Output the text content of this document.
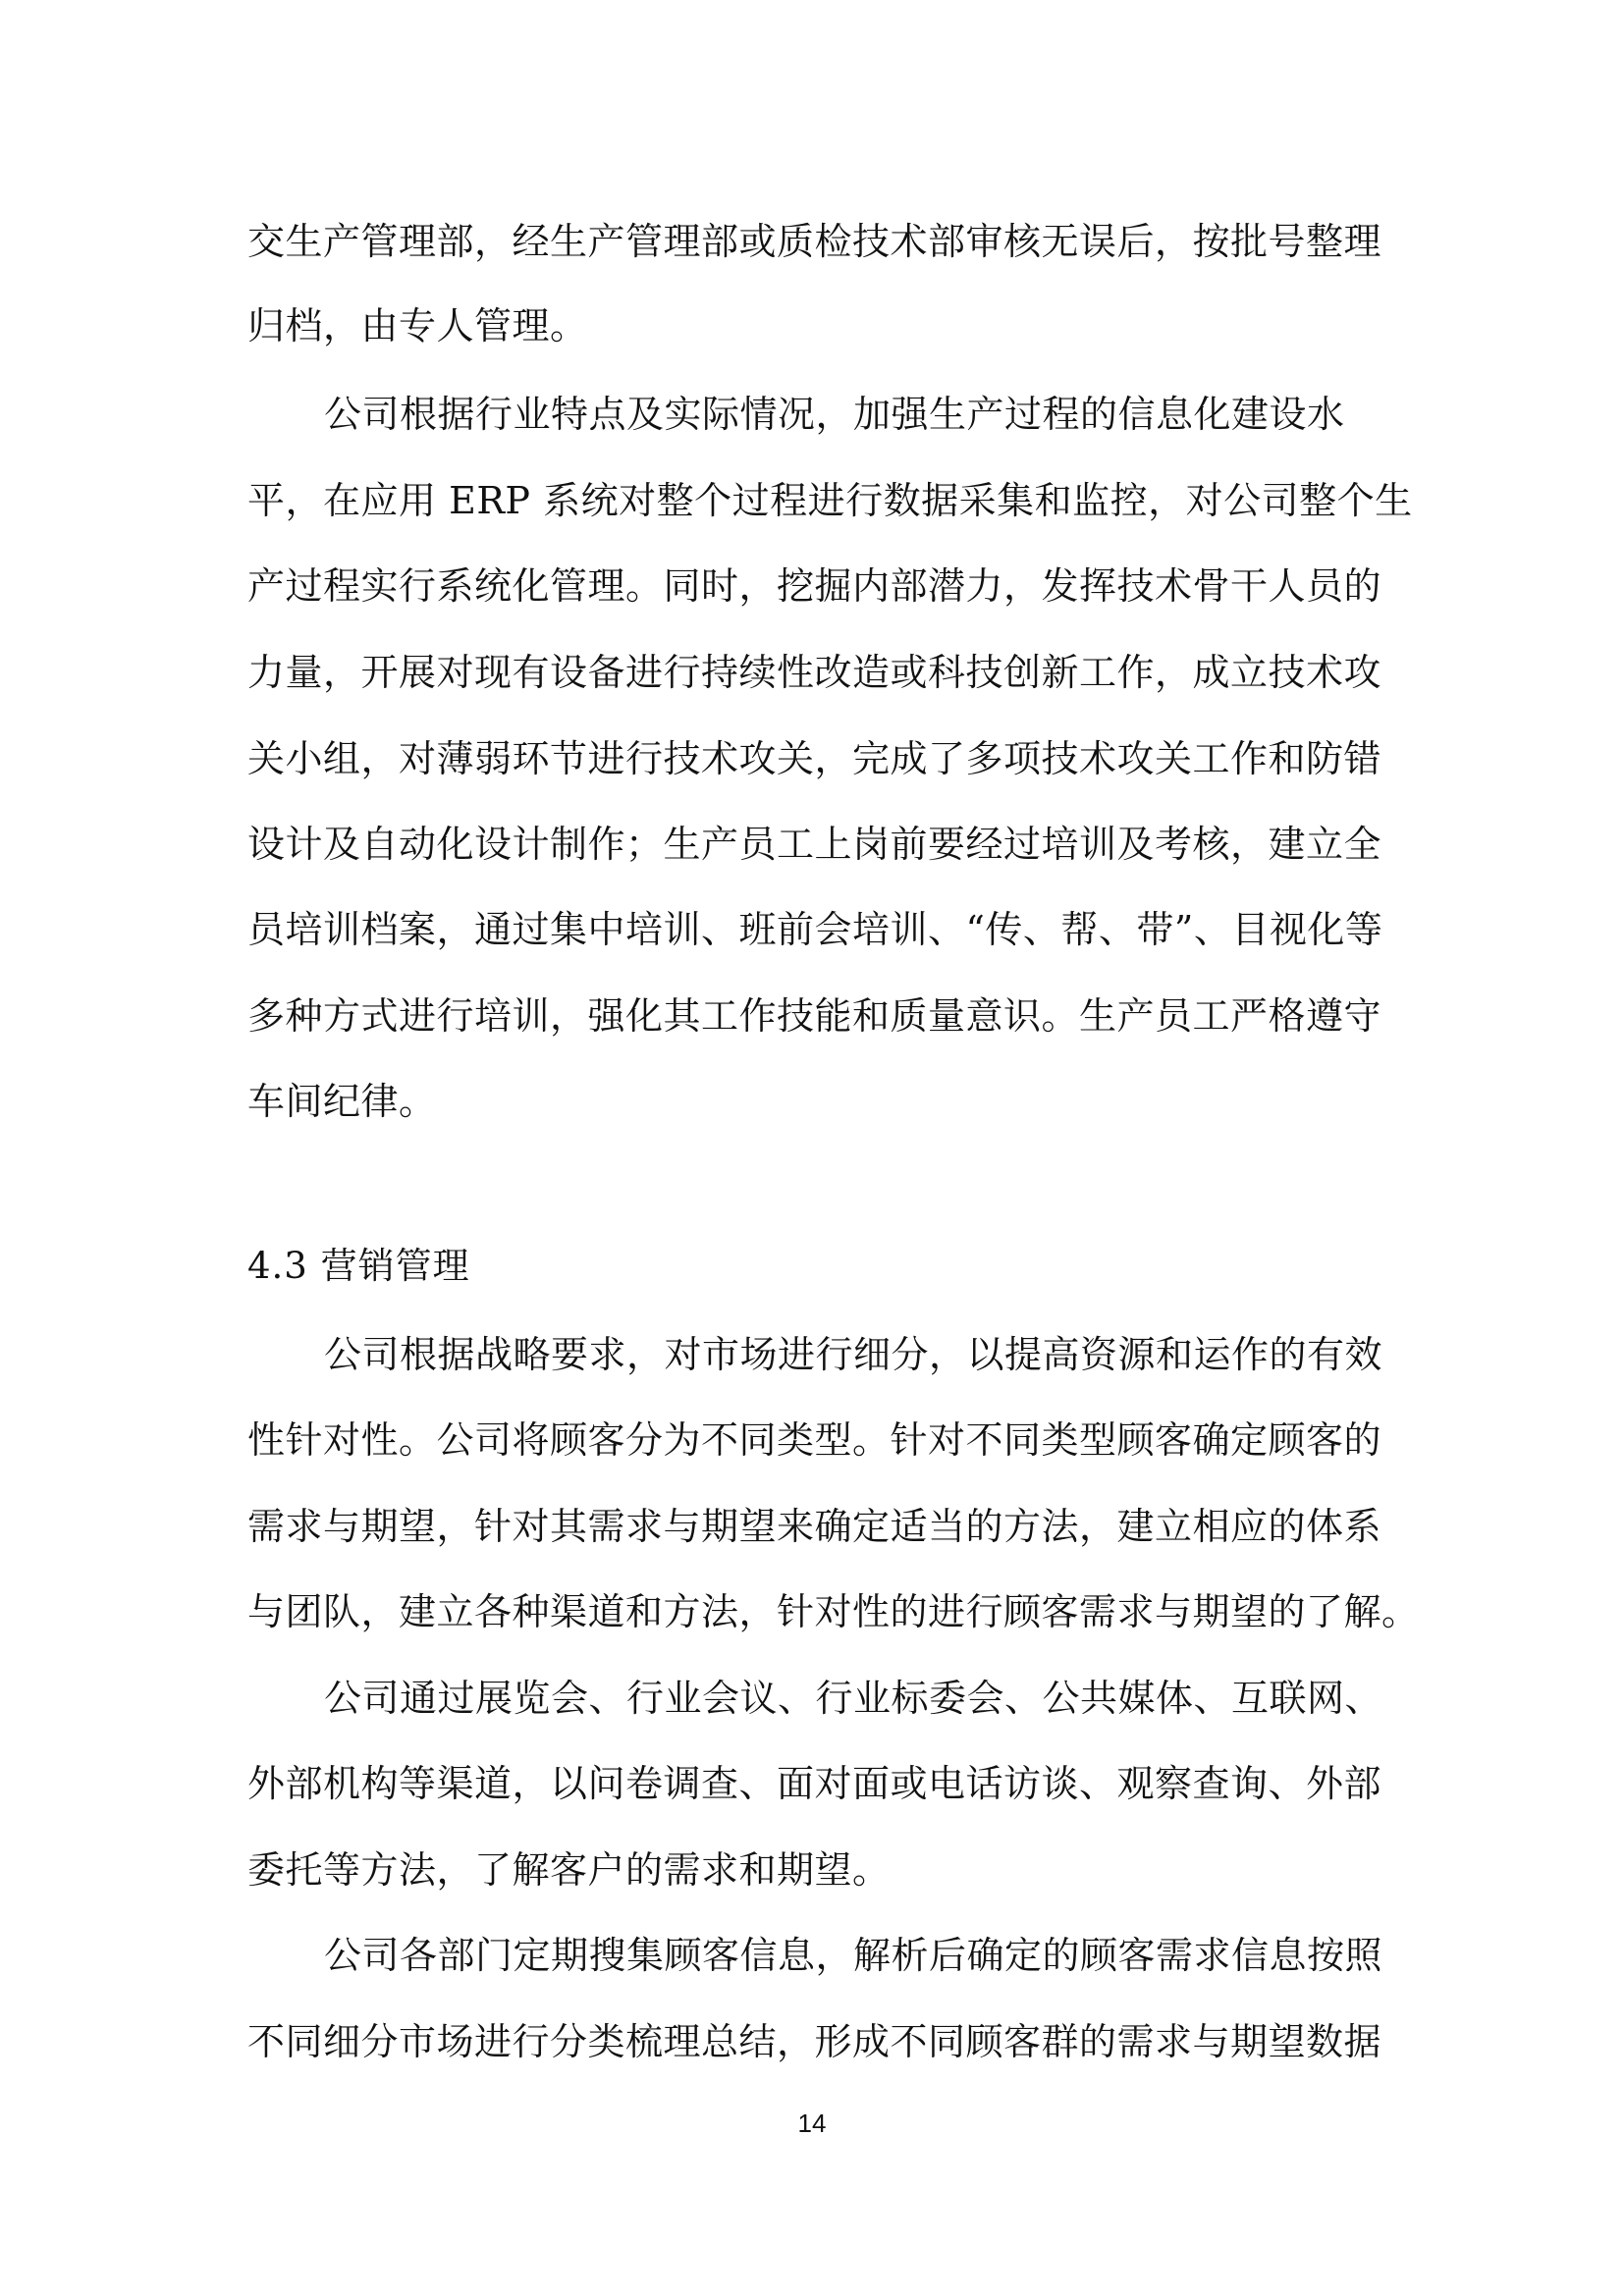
交生产管理部，经生产管理部或质检技术部审核无误后，按批号整理
归档，由专人管理。
公司根据行业特点及实际情况，加强生产过程的信息化建设水
平，在应用 ERP 系统对整个过程进行数据采集和监控，对公司整个生
产过程实行系统化管理。同时，挖掘内部潜力，发挥技术骨干人员的
力量，开展对现有设备进行持续性改造或科技创新工作，成立技术攻
关小组，对薄弱环节进行技术攻关，完成了多项技术攻关工作和防错
设计及自动化设计制作；生产员工上岗前要经过培训及考核，建立全
员培训档案，通过集中培训、班前会培训、“传、帮、带”、目视化等
多种方式进行培训，强化其工作技能和质量意识。生产员工严格遵守
车间纪律。
4.3 营销管理
公司根据战略要求，对市场进行细分，以提高资源和运作的有效
性针对性。公司将顾客分为不同类型。针对不同类型顾客确定顾客的
需求与期望，针对其需求与期望来确定适当的方法，建立相应的体系
与团队，建立各种渠道和方法，针对性的进行顾客需求与期望的了解。
公司通过展览会、行业会议、行业标委会、公共媒体、互联网、
外部机构等渠道，以问卷调查、面对面或电话访谈、观察查询、外部
委托等方法，了解客户的需求和期望。
公司各部门定期搜集顾客信息，解析后确定的顾客需求信息按照
不同细分市场进行分类梳理总结，形成不同顾客群的需求与期望数据
14
